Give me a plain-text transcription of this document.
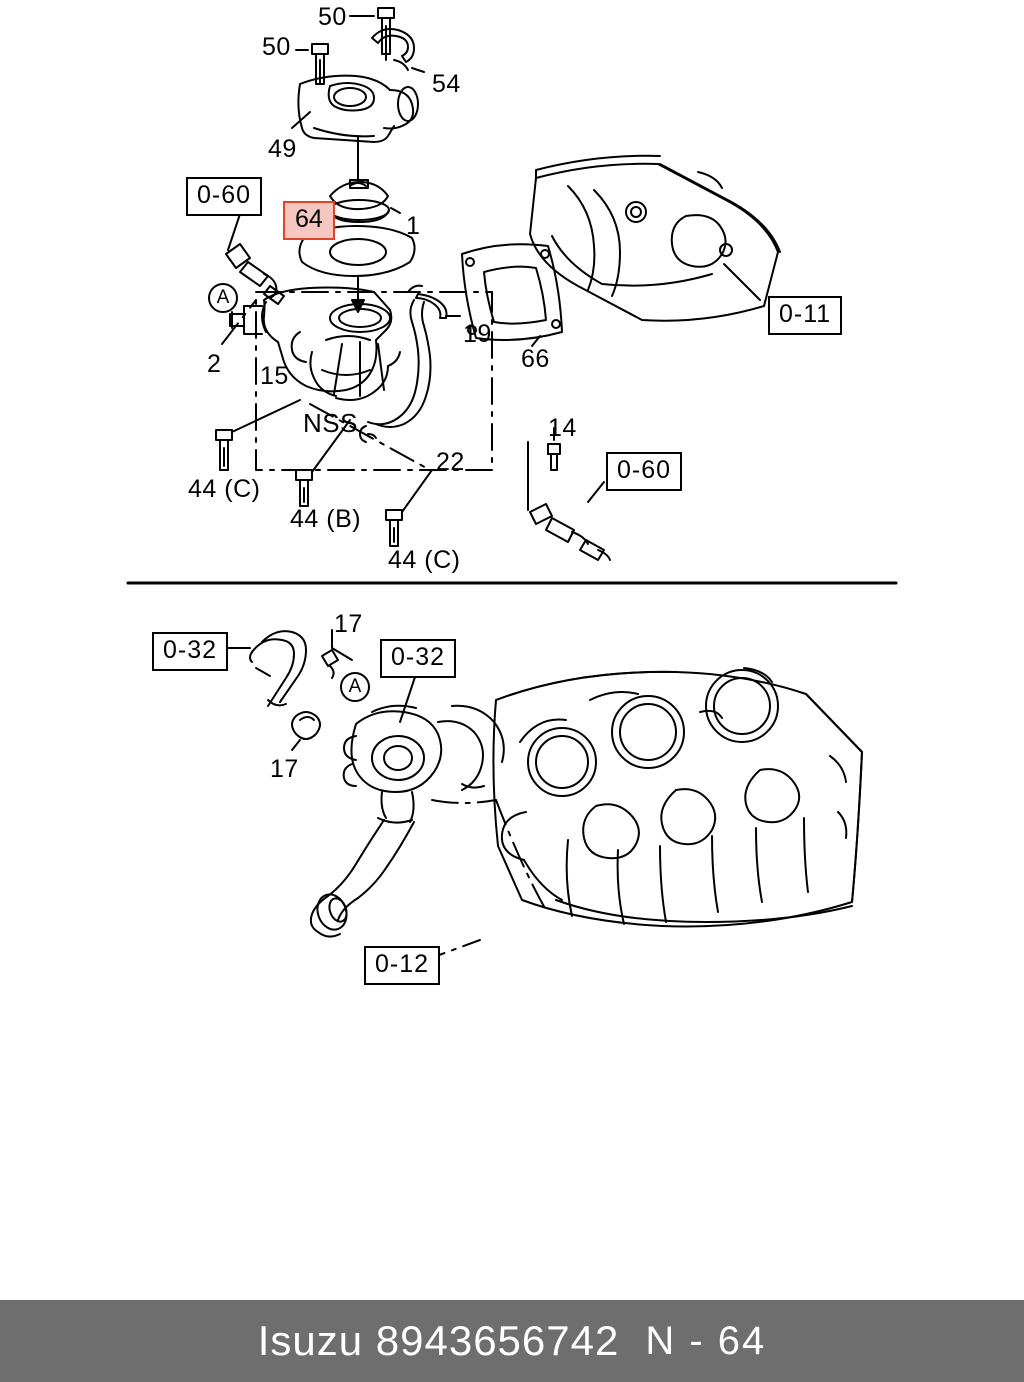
50
50
54
49
1
19
66
2 15
NSS
22
14
44 (C)
44 (B)
44 (C)
0-60
0-11
0-60
64
A
17
17
0-32	0-32
0-12
A
Isuzu 8943656742 N - 64
